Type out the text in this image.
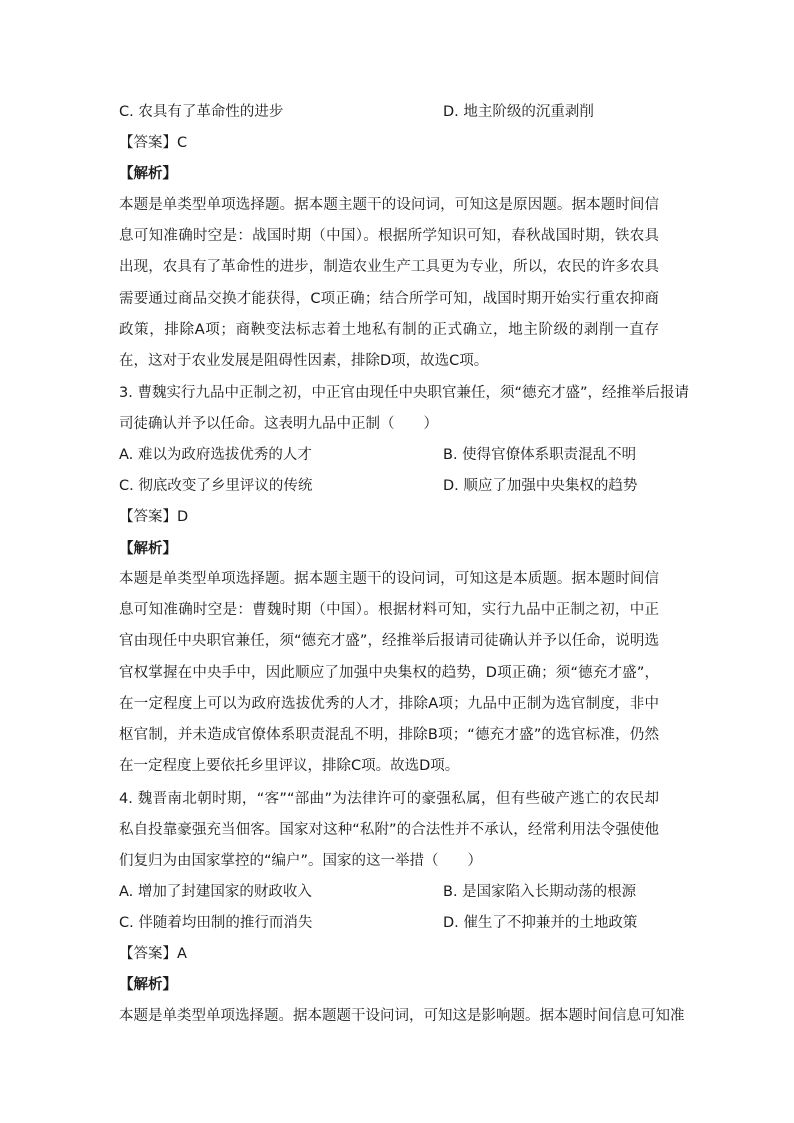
C. 农具有了革命性的进步	D. 地主阶级的沉重剥削
【答案】C
【解析】
本题是单类型单项选择题。据本题主题干的设问词，可知这是原因题。据本题时间信息可知准确时空是：战国时期（中国）。根据所学知识可知，春秋战国时期，铁农具出现，农具有了革命性的进步，制造农业生产工具更为专业，所以，农民的许多农具需要通过商品交换才能获得，C项正确；结合所学可知，战国时期开始实行重农抑商政策，排除A项；商鞅变法标志着土地私有制的正式确立，地主阶级的剥削一直存在，这对于农业发展是阻碍性因素，排除D项，故选C项。
3. 曹魏实行九品中正制之初，中正官由现任中央职官兼任，须“德充才盛”，经推举后报请
司徒确认并予以任命。这表明九品中正制（　　）
A. 难以为政府选拔优秀的人才	B. 使得官僚体系职责混乱不明
C. 彻底改变了乡里评议的传统	D. 顺应了加强中央集权的趋势
【答案】D
【解析】
本题是单类型单项选择题。据本题主题干的设问词，可知这是本质题。据本题时间信息可知准确时空是：曹魏时期（中国）。根据材料可知，实行九品中正制之初，中正官由现任中央职官兼任，须“德充才盛”，经推举后报请司徒确认并予以任命，说明选官权掌握在中央手中，因此顺应了加强中央集权的趋势，D项正确；须“德充才盛”，在一定程度上可以为政府选拔优秀的人才，排除A项；九品中正制为选官制度，非中枢官制，并未造成官僚体系职责混乱不明，排除B项；“德充才盛”的选官标准，仍然在一定程度上要依托乡里评议，排除C项。故选D项。
4. 魏晋南北朝时期，“客”“部曲”为法律许可的豪强私属，但有些破产逃亡的农民却私自投靠豪强充当佃客。国家对这种“私附”的合法性并不承认，经常利用法令强使他们复归为由国家掌控的“编户”。国家的这一举措（　　）
A. 增加了封建国家的财政收入	B. 是国家陷入长期动荡的根源
C. 伴随着均田制的推行而消失	D. 催生了不抑兼并的土地政策
【答案】A
【解析】
本题是单类型单项选择题。据本题题干设问词，可知这是影响题。据本题时间信息可知准
